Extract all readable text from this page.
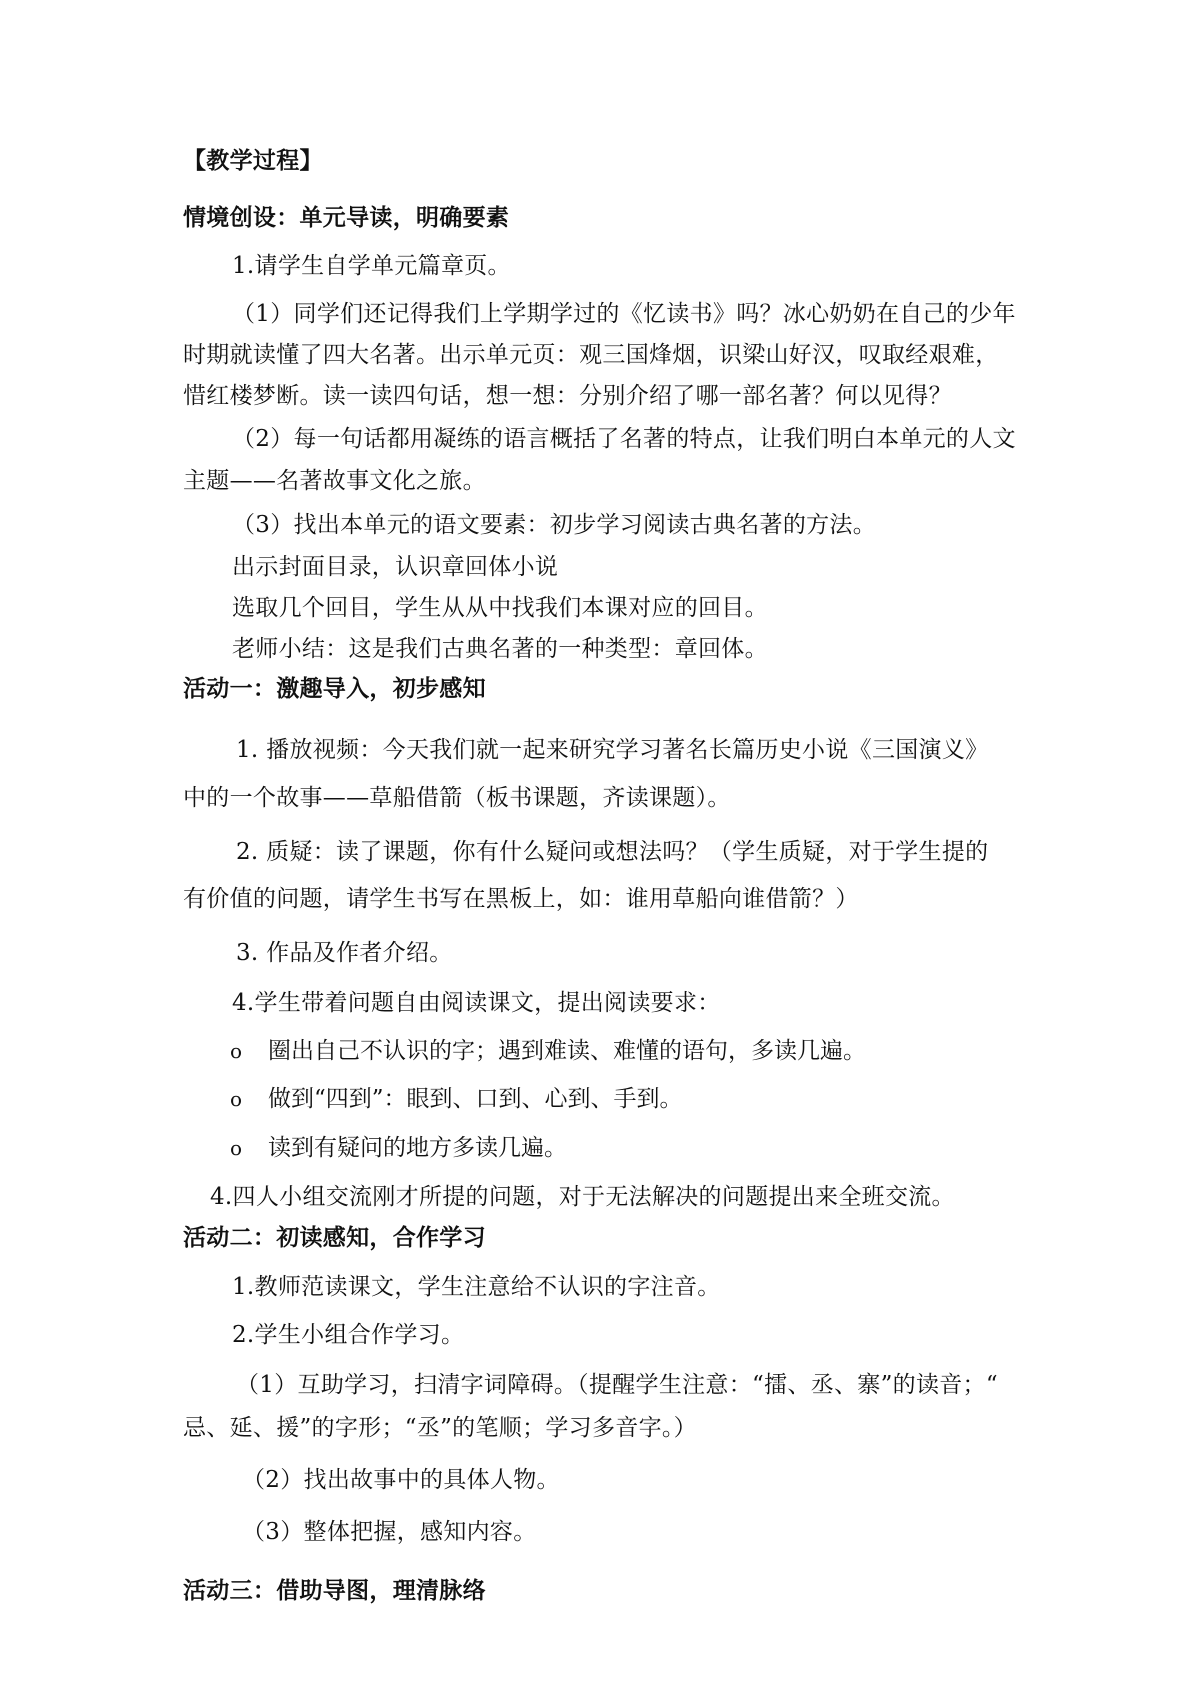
【教学过程】
情境创设：单元导读，明确要素
1.请学生自学单元篇章页。
（1）同学们还记得我们上学期学过的《忆读书》吗？冰心奶奶在自己的少年
时期就读懂了四大名著。出示单元页：观三国烽烟，识梁山好汉，叹取经艰难，
惜红楼梦断。读一读四句话，想一想：分别介绍了哪一部名著？何以见得？
（2）每一句话都用凝练的语言概括了名著的特点，让我们明白本单元的人文
主题——名著故事文化之旅。
（3）找出本单元的语文要素：初步学习阅读古典名著的方法。
出示封面目录，认识章回体小说
选取几个回目，学生从从中找我们本课对应的回目。
老师小结：这是我们古典名著的一种类型：章回体。
活动一：激趣导入，初步感知
1. 播放视频：今天我们就一起来研究学习著名长篇历史小说《三国演义》
中的一个故事——草船借箭（板书课题，齐读课题）。
2. 质疑：读了课题，你有什么疑问或想法吗？（学生质疑，对于学生提的
有价值的问题，请学生书写在黑板上，如：谁用草船向谁借箭？）
3. 作品及作者介绍。
4.学生带着问题自由阅读课文，提出阅读要求：
o 圈出自己不认识的字；遇到难读、难懂的语句，多读几遍。
o 做到“四到”：眼到、口到、心到、手到。
o 读到有疑问的地方多读几遍。
4.四人小组交流刚才所提的问题，对于无法解决的问题提出来全班交流。
活动二：初读感知，合作学习
1.教师范读课文，学生注意给不认识的字注音。
2.学生小组合作学习。
（1）互助学习，扫清字词障碍。（提醒学生注意：“擂、丞、寨”的读音；“
忌、延、援”的字形；“丞”的笔顺；学习多音字。）
（2）找出故事中的具体人物。
（3）整体把握，感知内容。
活动三：借助导图，理清脉络
